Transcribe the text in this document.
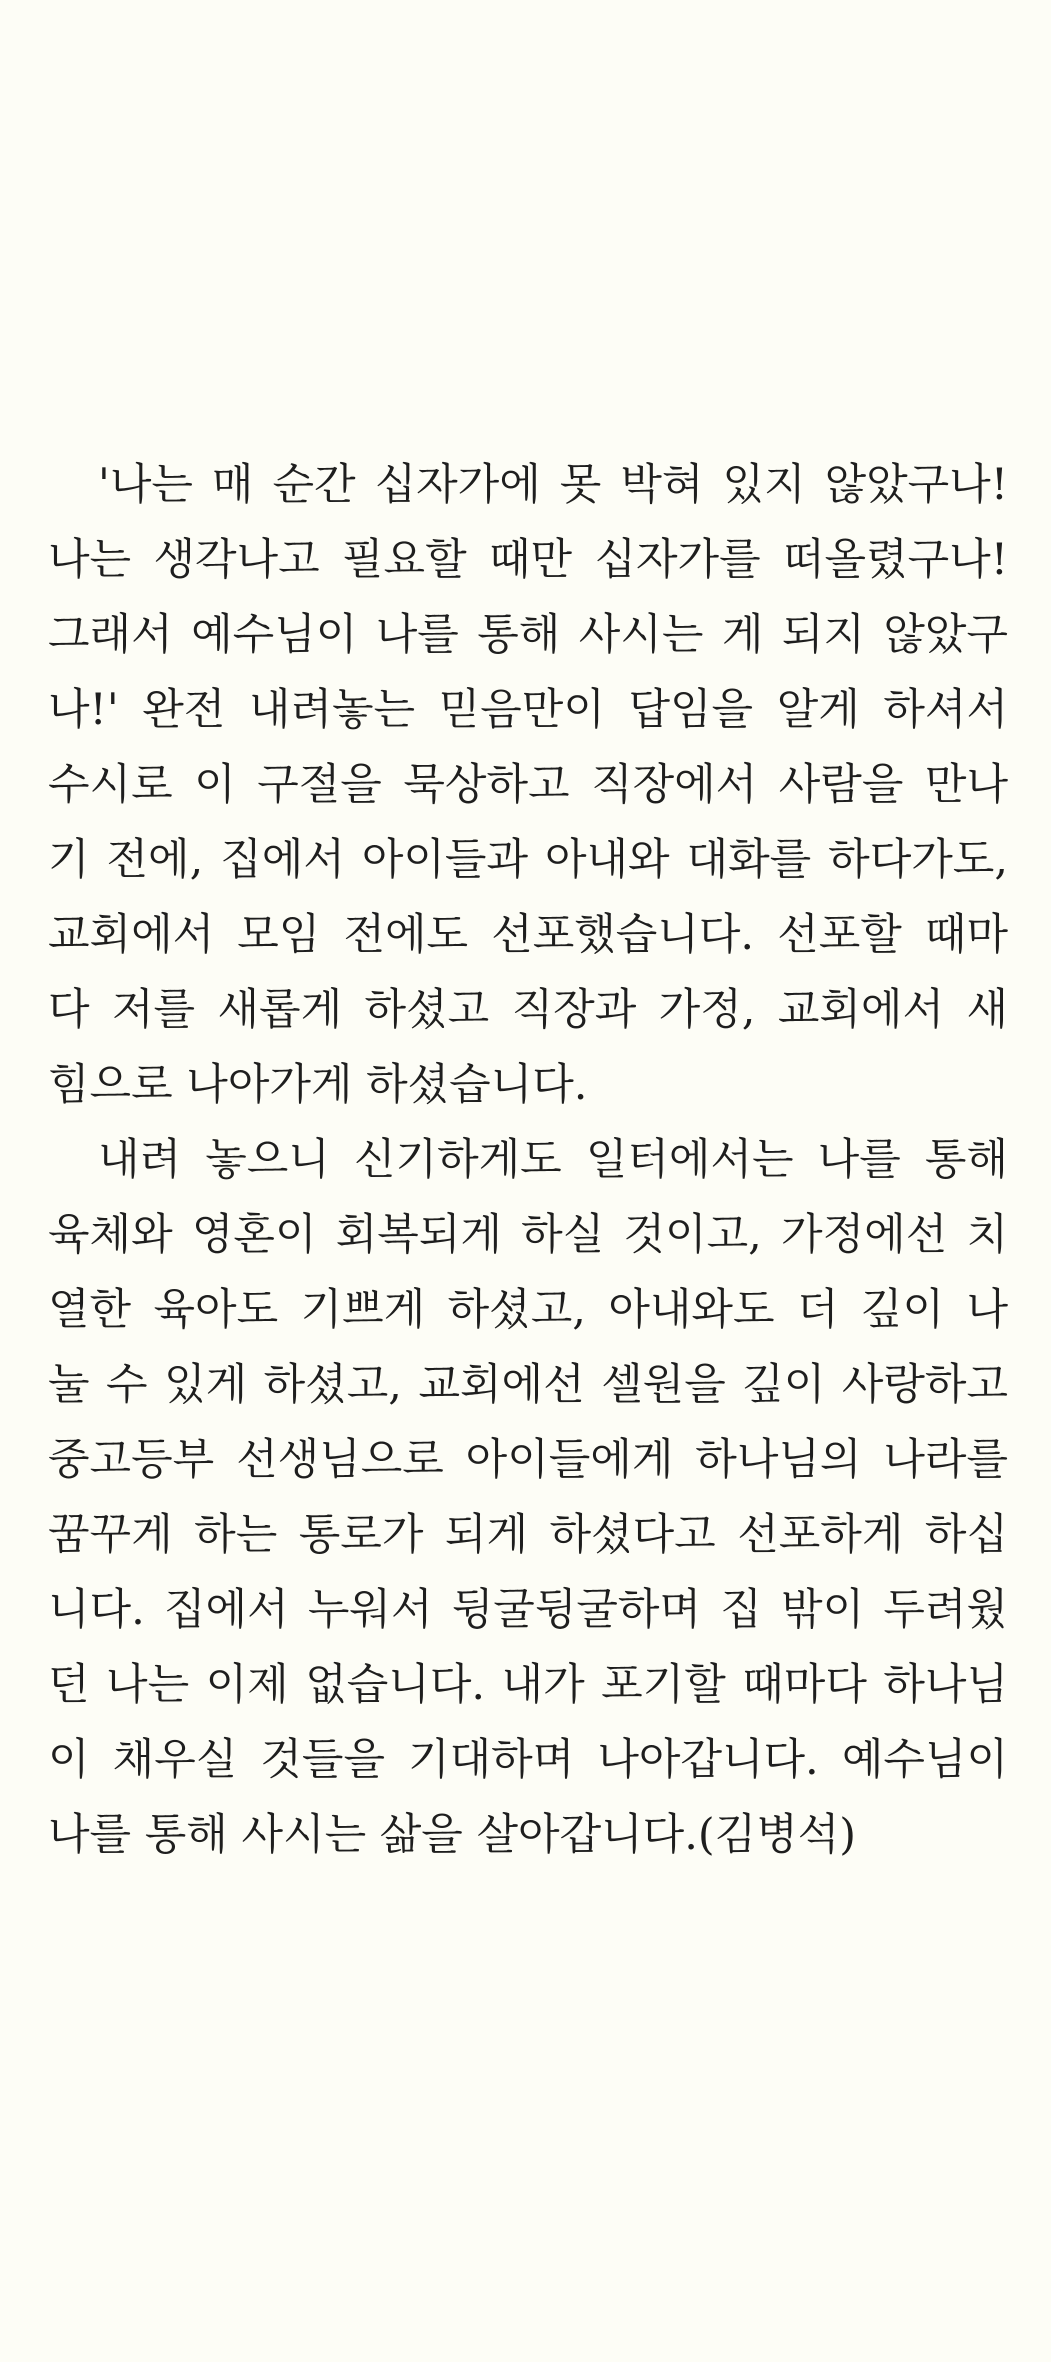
'나는 매 순간 십자가에 못 박혀 있지 않았구나!
나는 생각나고 필요할 때만 십자가를 떠올렸구나!
그래서 예수님이 나를 통해 사시는 게 되지 않았구
나!' 완전 내려놓는 믿음만이 답임을 알게 하셔서
수시로 이 구절을 묵상하고 직장에서 사람을 만나
기 전에, 집에서 아이들과 아내와 대화를 하다가도,
교회에서 모임 전에도 선포했습니다. 선포할 때마
다 저를 새롭게 하셨고 직장과 가정, 교회에서 새
힘으로 나아가게 하셨습니다.
내려 놓으니 신기하게도 일터에서는 나를 통해
육체와 영혼이 회복되게 하실 것이고, 가정에선 치
열한 육아도 기쁘게 하셨고, 아내와도 더 깊이 나
눌 수 있게 하셨고, 교회에선 셀원을 깊이 사랑하고
중고등부 선생님으로 아이들에게 하나님의 나라를
꿈꾸게 하는 통로가 되게 하셨다고 선포하게 하십
니다. 집에서 누워서 뒹굴뒹굴하며 집 밖이 두려웠
던 나는 이제 없습니다. 내가 포기할 때마다 하나님
이 채우실 것들을 기대하며 나아갑니다. 예수님이
나를 통해 사시는 삶을 살아갑니다.(김병석)
